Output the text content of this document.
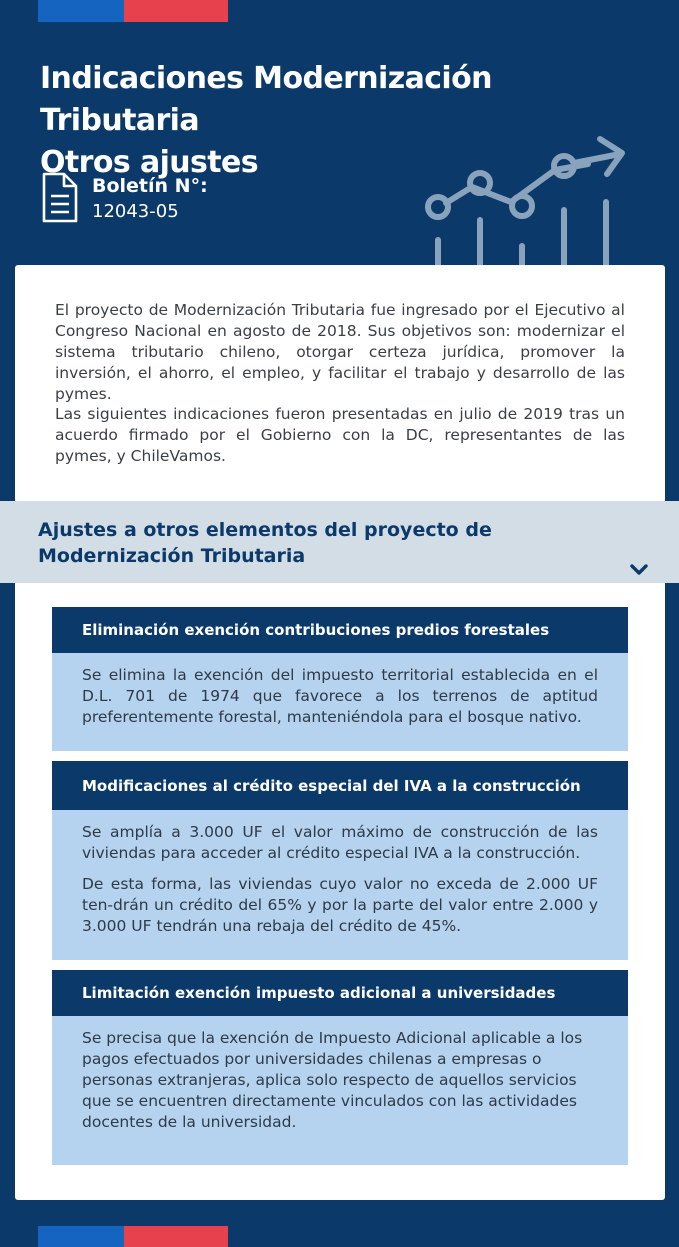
Indicaciones Modernización Tributaria
Otros ajustes
Boletín N°:
12043-05

El proyecto de Modernización Tributaria fue ingresado por el Ejecutivo al Congreso Nacional en agosto de 2018. Sus objetivos son: modernizar el sistema tributario chileno, otorgar certeza jurídica, promover la inversión, el ahorro, el empleo, y facilitar el trabajo y desarrollo de las pymes.

Las siguientes indicaciones fueron presentadas en julio de 2019 tras un acuerdo firmado por el Gobierno con la DC, representantes de las pymes, y ChileVamos.

Ajustes a otros elementos del proyecto de
Modernización Tributaria
Eliminación exención contribuciones predios forestales

Se elimina la exención del impuesto territorial establecida en el D.L. 701 de 1974 que favorece a los terrenos de aptitud preferentemente forestal, manteniéndola para el bosque nativo.

Modificaciones al crédito especial del IVA a la construcción

Se amplía a 3.000 UF el valor máximo de construcción de las viviendas para acceder al crédito especial IVA a la construcción.

De esta forma, las viviendas cuyo valor no exceda de 2.000 UF ten-drán un crédito del 65% y por la parte del valor entre 2.000 y 3.000 UF tendrán una rebaja del crédito de 45%.

Limitación exención impuesto adicional a universidades

Se precisa que la exención de Impuesto Adicional aplicable a los pagos efectuados por universidades chilenas a empresas o personas extranjeras, aplica solo respecto de aquellos servicios que se encuentren directamente vinculados con las actividades docentes de la universidad.
